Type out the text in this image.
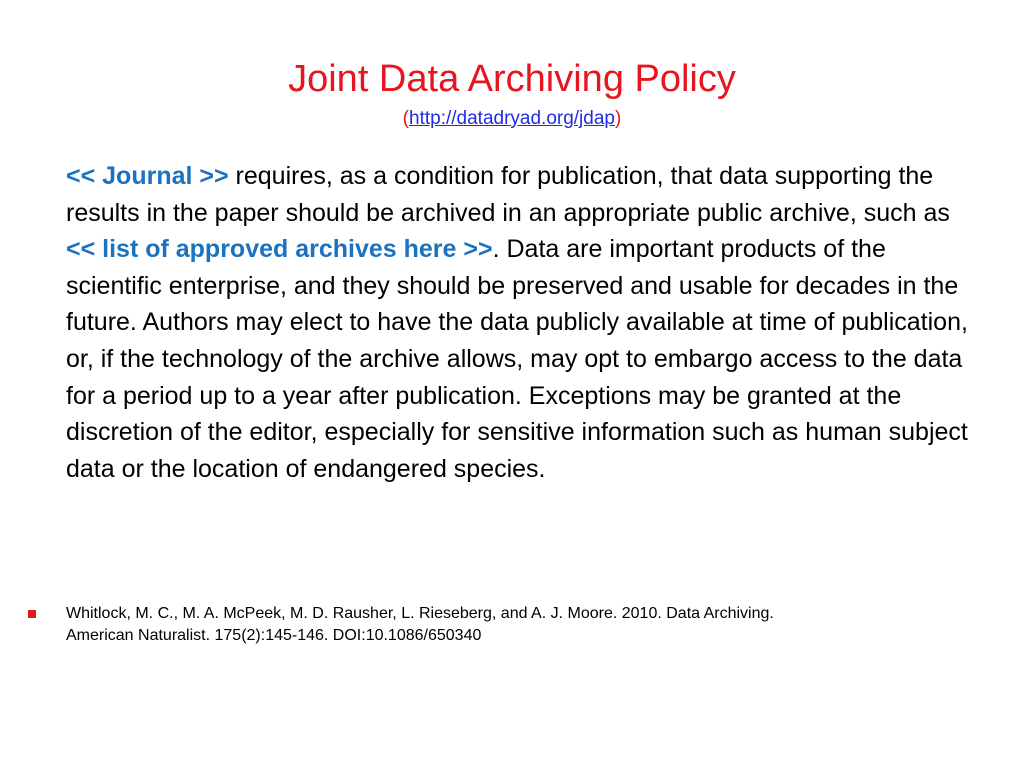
Joint Data Archiving Policy
(http://datadryad.org/jdap)
<< Journal >> requires, as a condition for publication, that data supporting the results in the paper should be archived in an appropriate public archive, such as << list of approved archives here >>. Data are important products of the scientific enterprise, and they should be preserved and usable for decades in the future. Authors may elect to have the data publicly available at time of publication, or, if the technology of the archive allows, may opt to embargo access to the data for a period up to a year after publication. Exceptions may be granted at the discretion of the editor, especially for sensitive information such as human subject data or the location of endangered species.
Whitlock, M. C., M. A. McPeek, M. D. Rausher, L. Rieseberg, and A. J. Moore. 2010. Data Archiving.
American Naturalist. 175(2):145-146. DOI:10.1086/650340
